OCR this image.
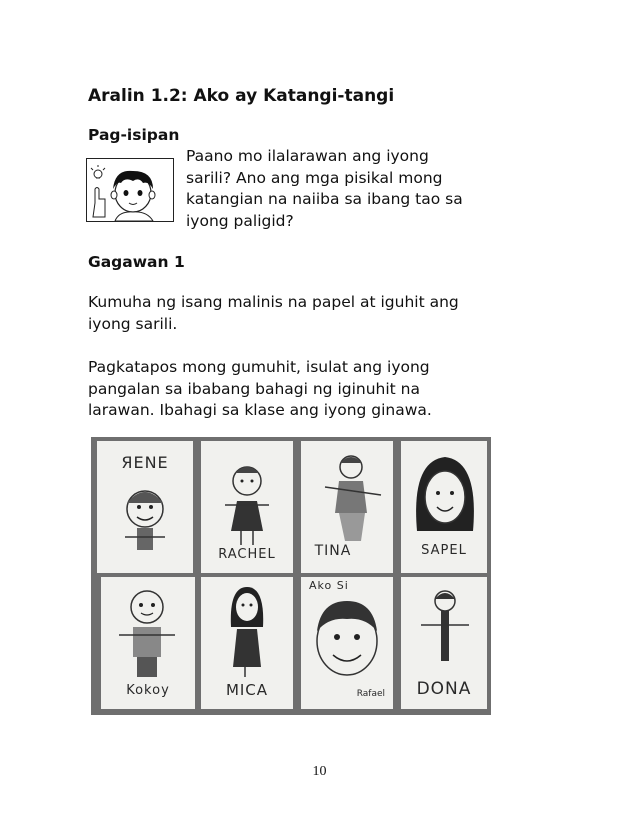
Aralin 1.2: Ako ay Katangi-tangi
Pag-isipan

Paano mo ilalarawan ang iyong
sarili? Ano ang mga pisikal mong
katangian na naiiba sa ibang tao sa
iyong paligid?

Gagawan 1

Kumuha ng isang malinis na papel at iguhit ang
iyong sarili.

Pagkatapos mong gumuhit, isulat ang iyong
pangalan sa ibabang bahagi ng iginuhit na
larawan. Ibahagi sa klase ang iyong ginawa.

ЯENE
RACHEL	TINA	SAPEL
Kokoy	MICA
Ako Si
Rafael	DONA
10
